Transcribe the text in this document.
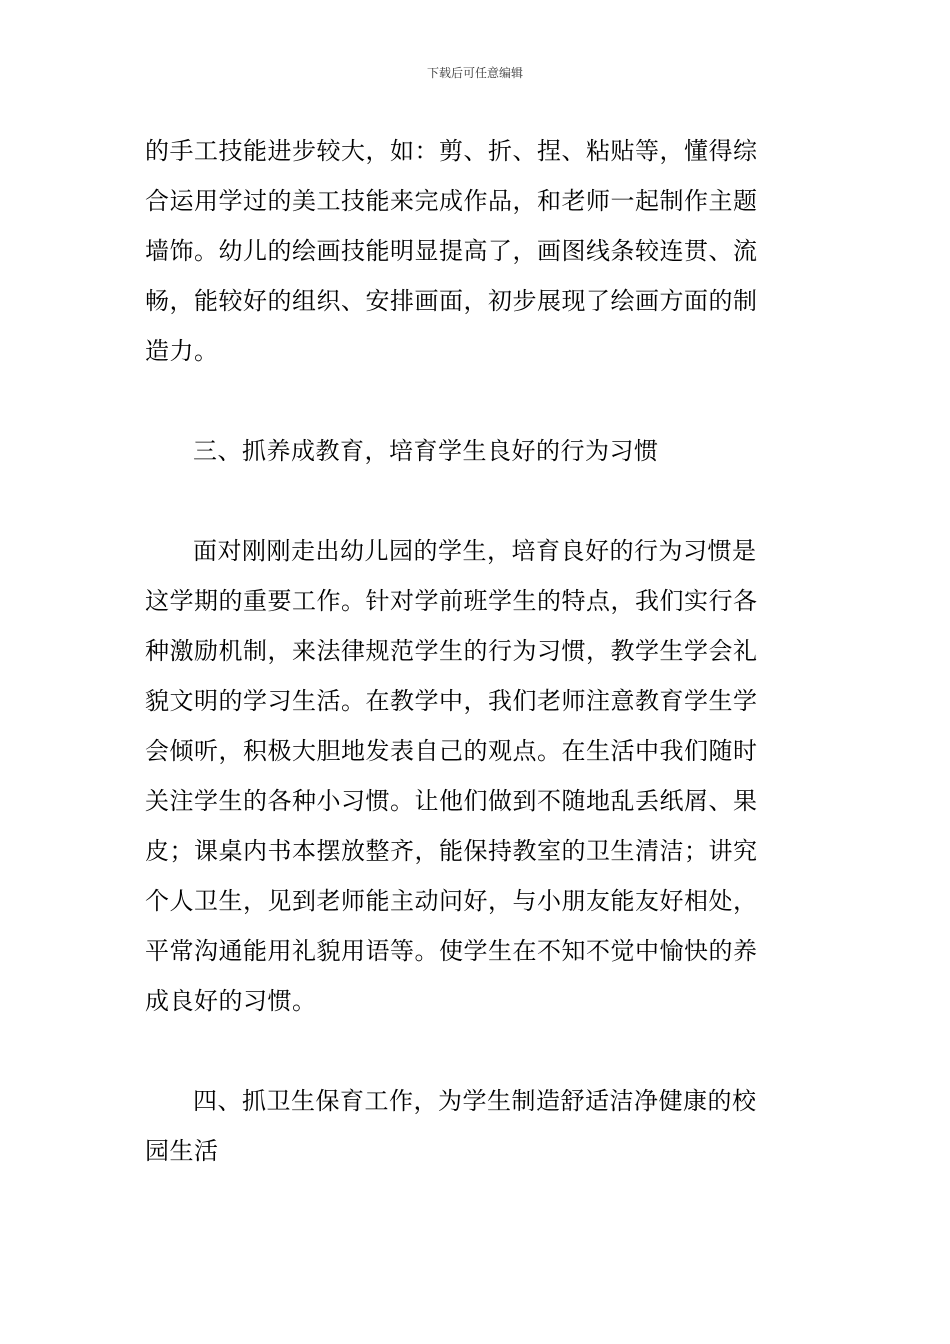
下载后可任意编辑
的手工技能进步较大，如：剪、折、捏、粘贴等，懂得综
合运用学过的美工技能来完成作品，和老师一起制作主题
墙饰。幼儿的绘画技能明显提高了，画图线条较连贯、流
畅，能较好的组织、安排画面，初步展现了绘画方面的制
造力。
三、抓养成教育，培育学生良好的行为习惯
面对刚刚走出幼儿园的学生，培育良好的行为习惯是
这学期的重要工作。针对学前班学生的特点，我们实行各
种激励机制，来法律规范学生的行为习惯，教学生学会礼
貌文明的学习生活。在教学中，我们老师注意教育学生学
会倾听，积极大胆地发表自己的观点。在生活中我们随时
关注学生的各种小习惯。让他们做到不随地乱丢纸屑、果
皮；课桌内书本摆放整齐，能保持教室的卫生清洁；讲究
个人卫生，见到老师能主动问好，与小朋友能友好相处，
平常沟通能用礼貌用语等。使学生在不知不觉中愉快的养
成良好的习惯。
四、抓卫生保育工作，为学生制造舒适洁净健康的校
园生活
